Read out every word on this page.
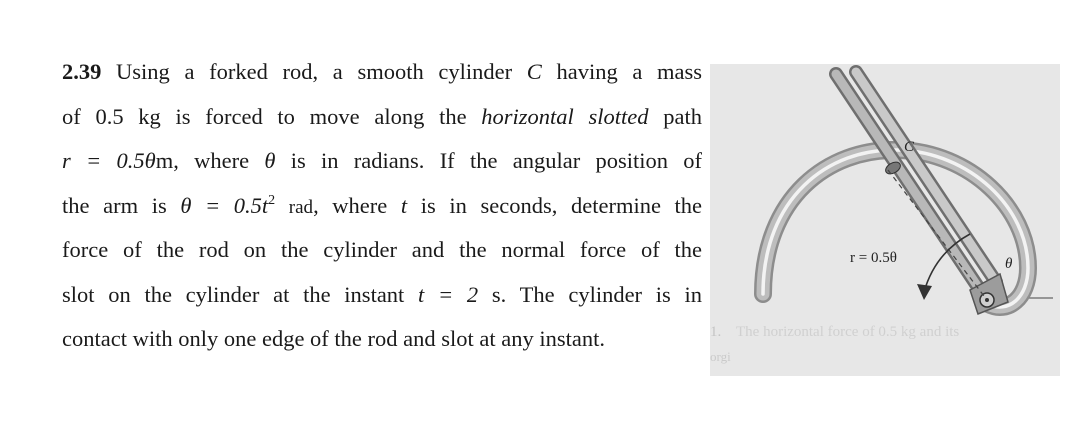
2.39 Using a forked rod, a smooth cylinder C having a mass
of 0.5 kg is forced to move along the horizontal slotted path
r = 0.5θm, where θ is in radians. If the angular position of
the arm is $\theta = 0.5t^2$ rad, where t is in seconds, determine the
force of the rod on the cylinder and the normal force of the
slot on the cylinder at the instant t = 2 s. The cylinder is in
contact with only one edge of the rod and slot at any instant.	1.
orgi
The horizontal force of 0.5 kg and its
C
r = 0.5θ	θ
